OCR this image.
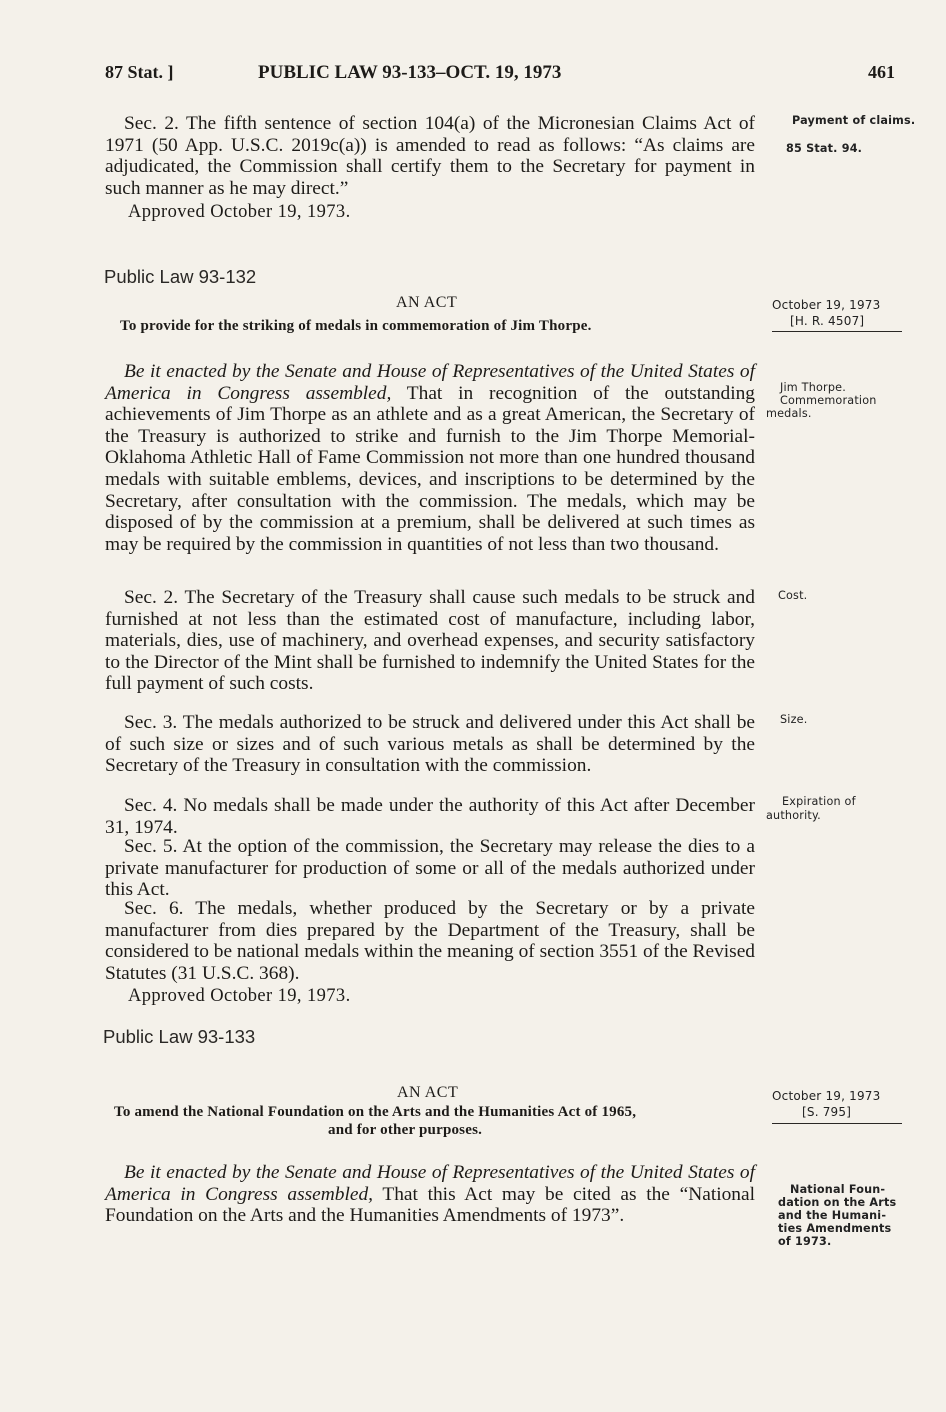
87 Stat. ]	PUBLIC LAW 93-133–OCT. 19, 1973	461
Sec. 2. The fifth sentence of section 104(a) of the Micronesian Claims Act of 1971 (50 App. U.S.C. 2019c(a)) is amended to read as follows: “As claims are adjudicated, the Commission shall certify them to the Secretary for payment in such manner as he may direct.”
Approved October 19, 1973.
Payment of claims.

85 Stat. 94.
Public Law 93-132
AN ACT
To provide for the striking of medals in commemoration of Jim Thorpe.
October 19, 1973
[H. R. 4507]
Be it enacted by the Senate and House of Representatives of the United States of America in Congress assembled, That in recognition of the outstanding achievements of Jim Thorpe as an athlete and as a great American, the Secretary of the Treasury is authorized to strike and furnish to the Jim Thorpe Memorial-Oklahoma Athletic Hall of Fame Commission not more than one hundred thousand medals with suitable emblems, devices, and inscriptions to be determined by the Secretary, after consultation with the commission. The medals, which may be disposed of by the commission at a premium, shall be delivered at such times as may be required by the commission in quantities of not less than two thousand.
Jim Thorpe.
Commemoration
medals.
Sec. 2. The Secretary of the Treasury shall cause such medals to be struck and furnished at not less than the estimated cost of manufacture, including labor, materials, dies, use of machinery, and overhead expenses, and security satisfactory to the Director of the Mint shall be furnished to indemnify the United States for the full payment of such costs.
Cost.
Sec. 3. The medals authorized to be struck and delivered under this Act shall be of such size or sizes and of such various metals as shall be determined by the Secretary of the Treasury in consultation with the commission.
Size.
Sec. 4. No medals shall be made under the authority of this Act after December 31, 1974.
Expiration of
authority.
Sec. 5. At the option of the commission, the Secretary may release the dies to a private manufacturer for production of some or all of the medals authorized under this Act.
Sec. 6. The medals, whether produced by the Secretary or by a private manufacturer from dies prepared by the Department of the Treasury, shall be considered to be national medals within the meaning of section 3551 of the Revised Statutes (31 U.S.C. 368).
Approved October 19, 1973.
Public Law 93-133
AN ACT
To amend the National Foundation on the Arts and the Humanities Act of 1965,
and for other purposes.
October 19, 1973
[S. 795]
Be it enacted by the Senate and House of Representatives of the United States of America in Congress assembled, That this Act may be cited as the “National Foundation on the Arts and the Humanities Amendments of 1973”.
National Foun-
dation on the Arts
and the Humani-
ties Amendments
of 1973.
